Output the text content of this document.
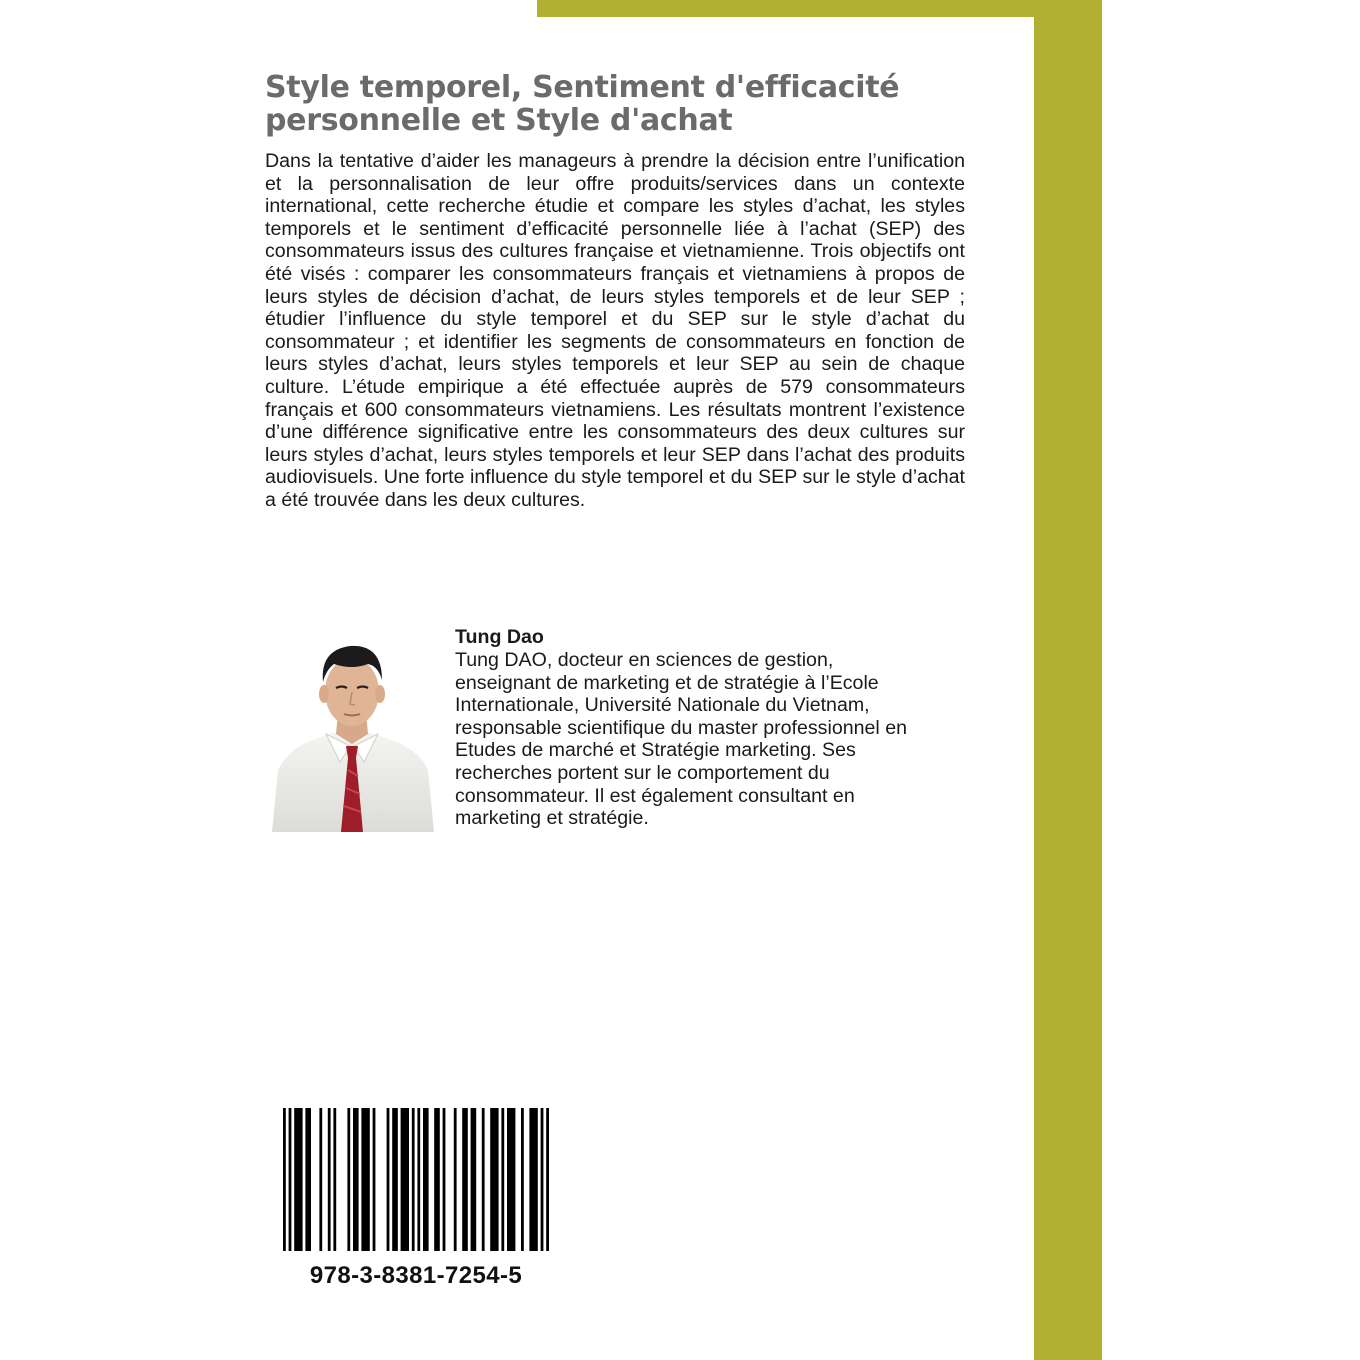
Style temporel, Sentiment d'efficacité personnelle et Style d'achat

Dans la tentative d’aider les manageurs à prendre la décision entre l’unification et la personnalisation de leur offre produits/services dans un contexte international, cette recherche étudie et compare les styles d’achat, les styles temporels et le sentiment d’efficacité personnelle liée à l’achat (SEP) des consommateurs issus des cultures française et vietnamienne. Trois objectifs ont été visés : comparer les consommateurs français et vietnamiens à propos de leurs styles de décision d’achat, de leurs styles temporels et de leur SEP ; étudier l’influence du style temporel et du SEP sur le style d’achat du consommateur ; et identifier les segments de consommateurs en fonction de leurs styles d’achat, leurs styles temporels et leur SEP au sein de chaque culture. L’étude empirique a été effectuée auprès de 579 consommateurs français et 600 consommateurs vietnamiens. Les résultats montrent l’existence d’une différence significative entre les consommateurs des deux cultures sur leurs styles d’achat, leurs styles temporels et leur SEP dans l’achat des produits audiovisuels. Une forte influence du style temporel et du SEP sur le style d’achat a été trouvée dans les deux cultures.

Tung Dao

Tung DAO, docteur en sciences de gestion,
enseignant de marketing et de stratégie à l’Ecole
Internationale, Université Nationale du Vietnam,
responsable scientifique du master professionnel en
Etudes de marché et Stratégie marketing. Ses
recherches portent sur le comportement du
consommateur. Il est également consultant en
marketing et stratégie.

978-3-8381-7254-5
